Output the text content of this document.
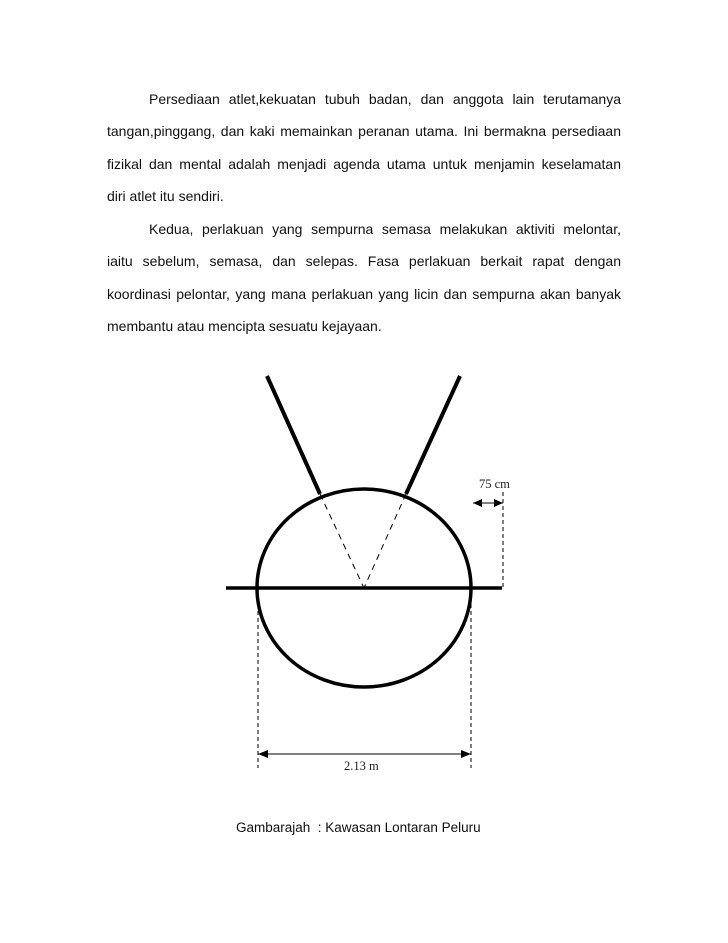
Persediaan atlet,kekuatan tubuh badan, dan anggota lain terutamanya
tangan,pinggang, dan kaki memainkan peranan utama. Ini bermakna persediaan
fizikal dan mental adalah menjadi agenda utama untuk menjamin keselamatan
diri atlet itu sendiri.
Kedua, perlakuan yang sempurna semasa melakukan aktiviti melontar,
iaitu sebelum, semasa, dan selepas. Fasa perlakuan berkait rapat dengan
koordinasi pelontar, yang mana perlakuan yang licin dan sempurna akan banyak
membantu atau mencipta sesuatu kejayaan.
75 cm
2.13 m

Gambarajah  : Kawasan Lontaran Peluru
